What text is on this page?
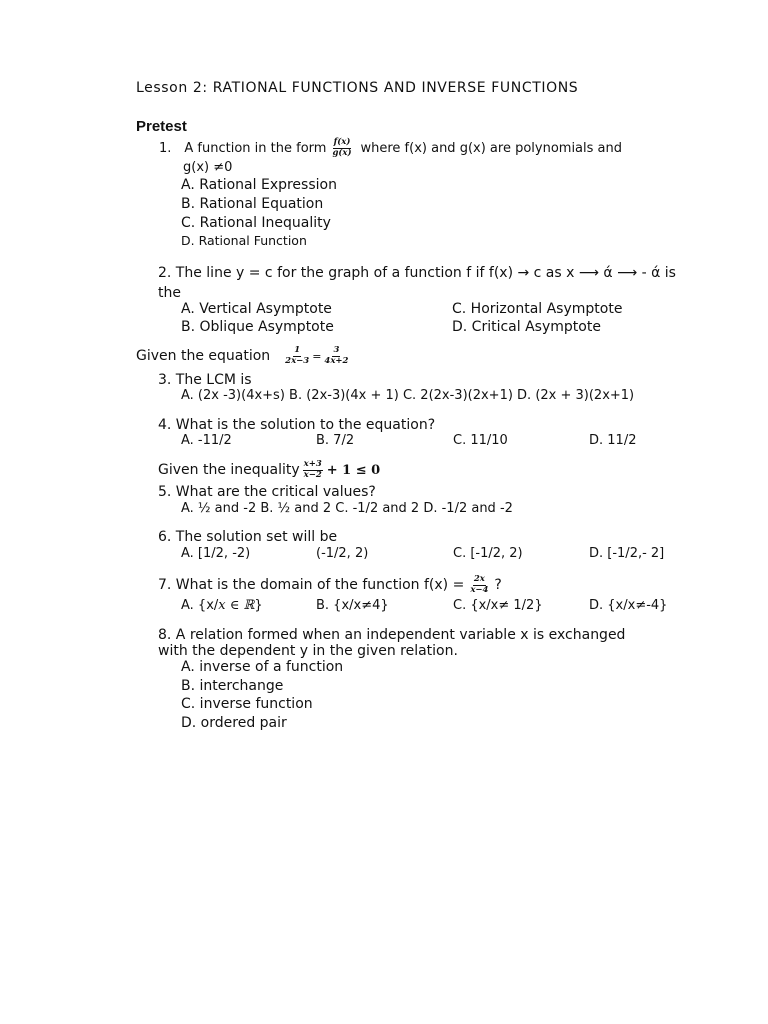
Lesson 2: RATIONAL FUNCTIONS AND INVERSE FUNCTIONS
Pretest
1. A function in the form $\frac{f(x)}{g(x)}$ where f(x) and g(x) are polynomials and
g(x) ≠0
A. Rational Expression
B. Rational Equation
C. Rational Inequality
D. Rational Function
2. The line y = c for the graph of a function f if f(x) → c as x ⟶ ά ⟶ - ά is
the
A. Vertical Asymptote	C. Horizontal Asymptote
B. Oblique Asymptote	D. Critical Asymptote
Given the equation $\frac{1}{2x-3} = \frac{3}{4x+2}$
3. The LCM is
A. (2x -3)(4x+s) B. (2x-3)(4x + 1) C. 2(2x-3)(2x+1) D. (2x + 3)(2x+1)
4. What is the solution to the equation?
A. -11/2	B. 7/2	C. 11/10	D. 11/2
Given the inequality $\frac{x+3}{x-2} + 1 \le 0$
5. What are the critical values?
A. ½ and -2 B. ½ and 2 C. -1/2 and 2 D. -1/2 and -2
6. The solution set will be
A. [1/2, -2)	(-1/2, 2)	C. [-1/2, 2)	D. [-1/2,- 2]
7. What is the domain of the function $f(x) = \frac{2x}{x-4}$ ?
A. {x/x ∈ ℝ}	B. {x/x≠4}	C. {x/x≠ 1/2}	D. {x/x≠-4}
8. A relation formed when an independent variable x is exchanged
with the dependent y in the given relation.
A. inverse of a function
B. interchange
C. inverse function
D. ordered pair
